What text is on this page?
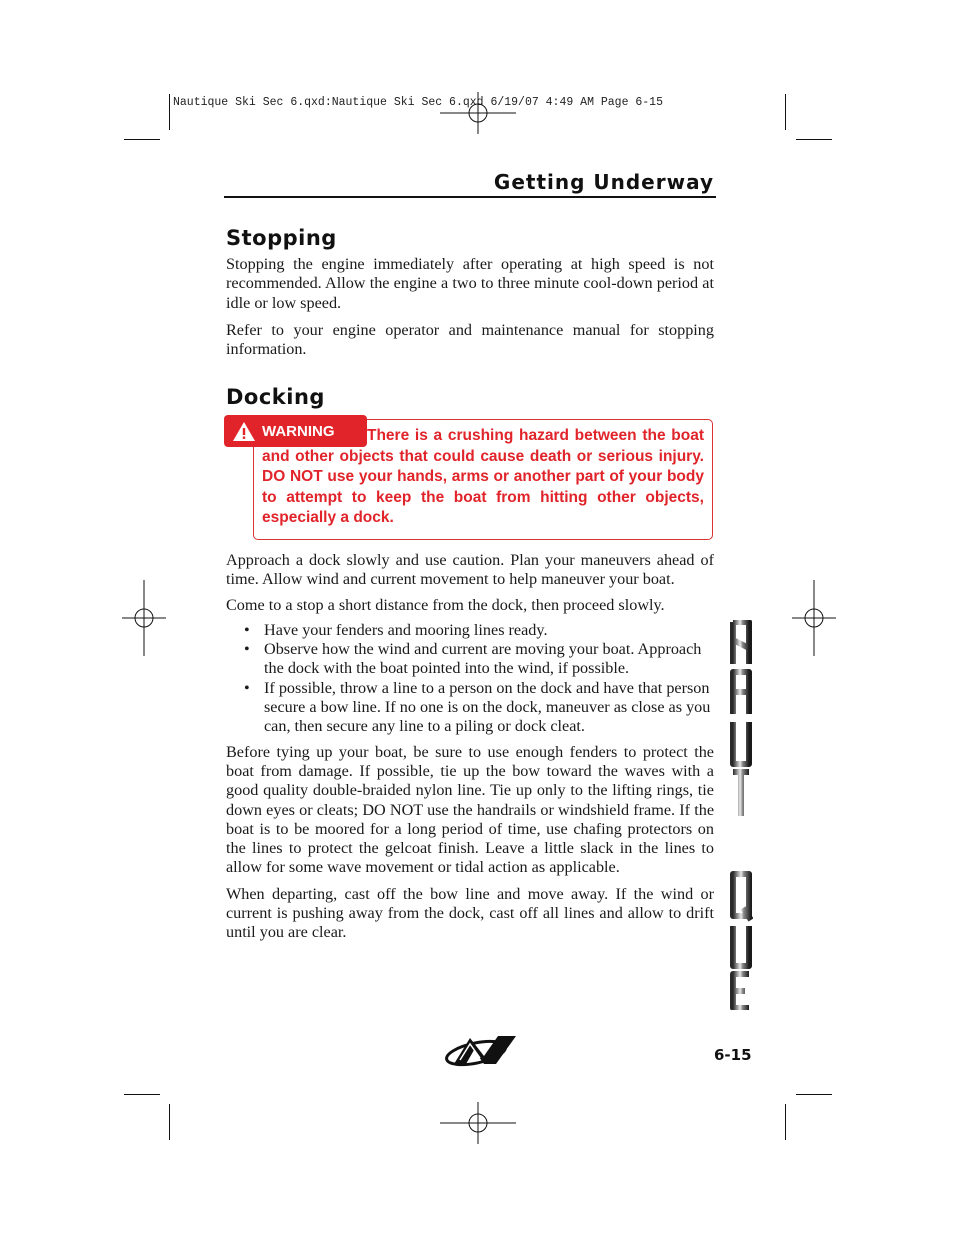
Nautique Ski Sec 6.qxd:Nautique Ski Sec 6.qxd 6/19/07 4:49 AM Page 6-15
Getting Underway
Stopping

Stopping the engine immediately after operating at high speed is not recommended. Allow the engine a two to three minute cool-down period at idle or low speed.

Refer to your engine operator and maintenance manual for stopping information.

Docking
There is a crushing hazard between the boat and other objects that could cause death or serious injury. DO NOT use your hands, arms or another part of your body to attempt to keep the boat from hitting other objects, especially a dock.

Approach a dock slowly and use caution. Plan your maneuvers ahead of time. Allow wind and current movement to help maneuver your boat.

Come to a stop a short distance from the dock, then proceed slowly.

• Have your fenders and mooring lines ready.
• Observe how the wind and current are moving your boat. Approach the dock with the boat pointed into the wind, if possible.
• If possible, throw a line to a person on the dock and have that person secure a bow line. If no one is on the dock, maneuver as close as you can, then secure any line to a piling or dock cleat.

Before tying up your boat, be sure to use enough fenders to protect the boat from damage. If possible, tie up the bow toward the waves with a good quality double-braided nylon line. Tie up only to the lifting rings, tie down eyes or cleats; DO NOT use the handrails or windshield frame. If the boat is to be moored for a long period of time, use chafing protectors on the lines to protect the gelcoat finish. Leave a little slack in the lines to allow for some wave movement or tidal action as applicable.

When departing, cast off the bow line and move away. If the wind or current is pushing away from the dock, cast off all lines and allow to drift until you are clear.

WARNING
6-15
